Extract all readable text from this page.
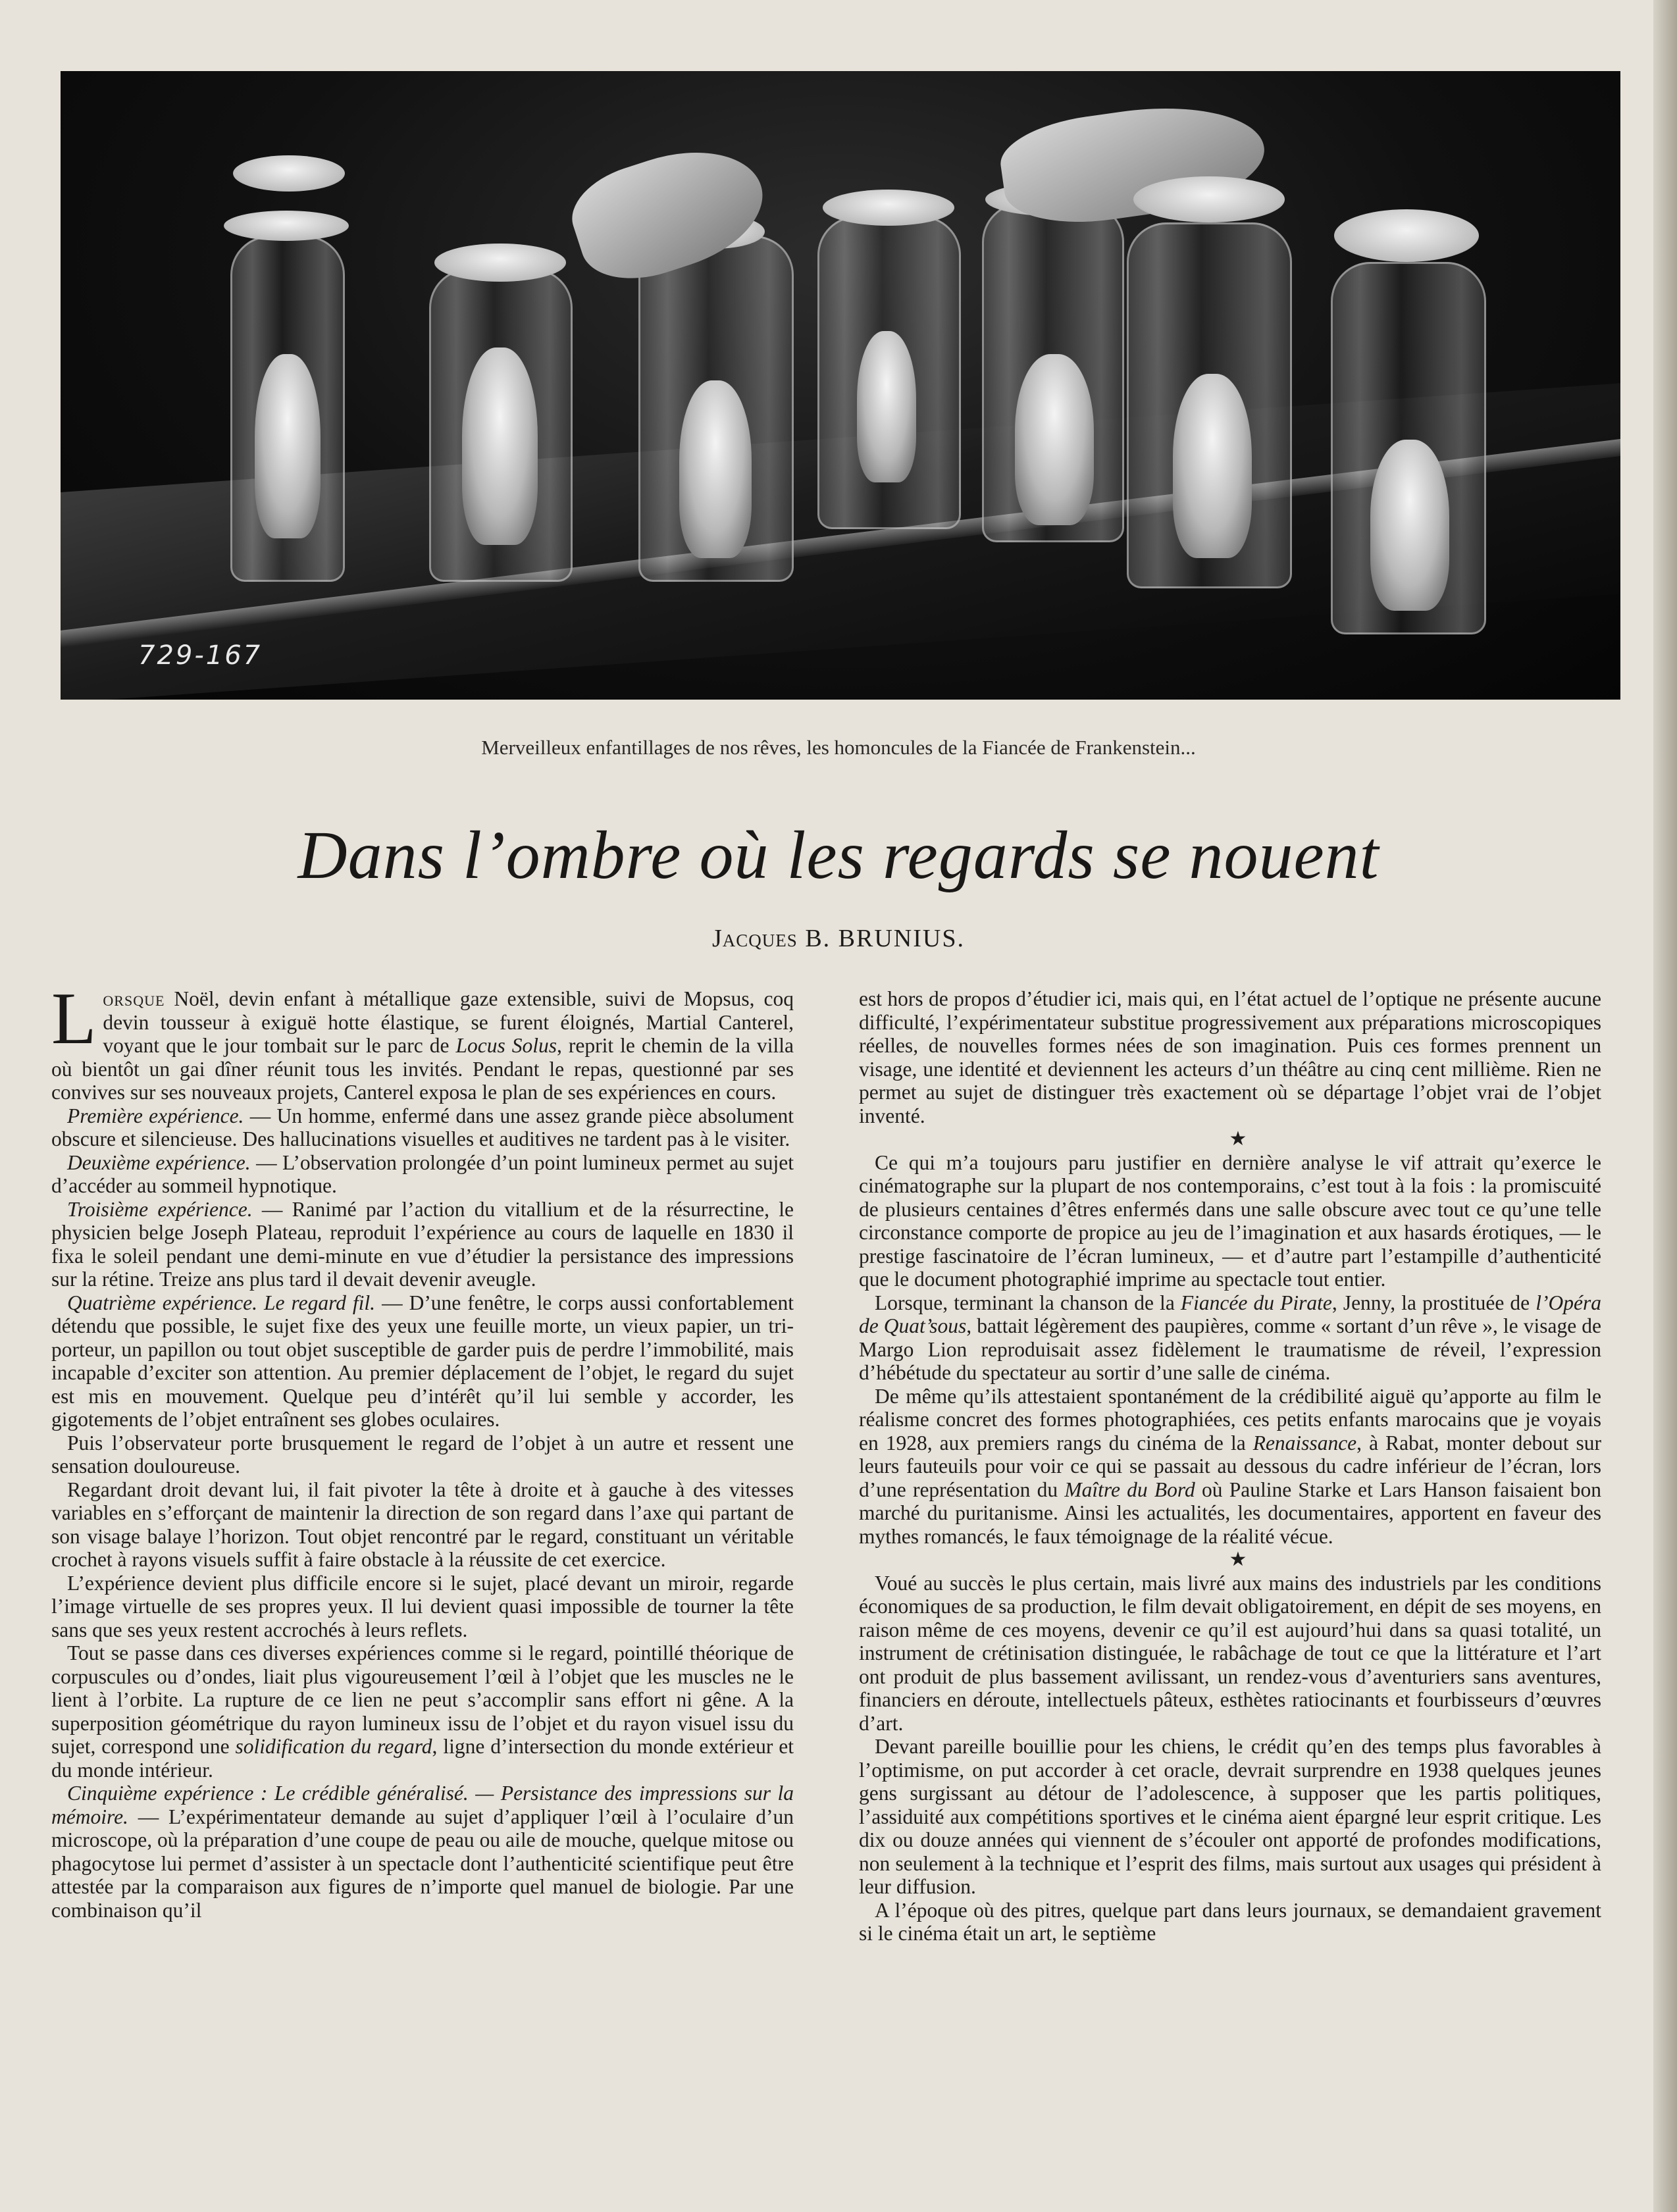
729-167

Merveilleux enfantillages de nos rêves, les homoncules de la Fiancée de Frankenstein...

Dans l’ombre où les regards se nouent

Jacques B. BRUNIUS.

Lorsque Noël, devin enfant à métallique gaze extensible, suivi de Mopsus, coq devin tousseur à exiguë hotte élastique, se furent éloignés, Martial Canterel, voyant que le jour tombait sur le parc de Locus Solus, reprit le chemin de la villa où bientôt un gai dîner réunit tous les invités. Pendant le repas, questionné par ses convives sur ses nouveaux projets, Canterel exposa le plan de ses expériences en cours.

Première expérience. — Un homme, enfermé dans une assez grande pièce absolument obscure et silencieuse. Des hallucinations visuelles et auditives ne tardent pas à le visiter.

Deuxième expérience. — L’observation prolongée d’un point lumineux permet au sujet d’accéder au sommeil hypnotique.

Troisième expérience. — Ranimé par l’action du vitallium et de la résurrectine, le physicien belge Joseph Plateau, reproduit l’expérience au cours de laquelle en 1830 il fixa le soleil pendant une demi-minute en vue d’étudier la persistance des impressions sur la rétine. Treize ans plus tard il devait devenir aveugle.

Quatrième expérience. Le regard fil. — D’une fenêtre, le corps aussi confortablement détendu que possible, le sujet fixe des yeux une feuille morte, un vieux papier, un tri-porteur, un papillon ou tout objet susceptible de garder puis de perdre l’immobilité, mais incapable d’exciter son attention. Au premier déplacement de l’objet, le regard du sujet est mis en mouvement. Quelque peu d’intérêt qu’il lui semble y accorder, les gigotements de l’objet entraînent ses globes oculaires.

Puis l’observateur porte brusquement le regard de l’objet à un autre et ressent une sensation douloureuse.

Regardant droit devant lui, il fait pivoter la tête à droite et à gauche à des vitesses variables en s’efforçant de maintenir la direction de son regard dans l’axe qui partant de son visage balaye l’horizon. Tout objet rencontré par le regard, constituant un véritable crochet à rayons visuels suffit à faire obstacle à la réussite de cet exercice.

L’expérience devient plus difficile encore si le sujet, placé devant un miroir, regarde l’image virtuelle de ses propres yeux. Il lui devient quasi impossible de tourner la tête sans que ses yeux restent accrochés à leurs reflets.

Tout se passe dans ces diverses expériences comme si le regard, pointillé théorique de corpuscules ou d’ondes, liait plus vigoureusement l’œil à l’objet que les muscles ne le lient à l’orbite. La rupture de ce lien ne peut s’accomplir sans effort ni gêne. A la superposition géométrique du rayon lumineux issu de l’objet et du rayon visuel issu du sujet, correspond une solidification du regard, ligne d’intersection du monde extérieur et du monde intérieur.

Cinquième expérience : Le crédible généralisé. — Persistance des impressions sur la mémoire. — L’expérimentateur demande au sujet d’appliquer l’œil à l’oculaire d’un microscope, où la préparation d’une coupe de peau ou aile de mouche, quelque mitose ou phagocytose lui permet d’assister à un spectacle dont l’authenticité scientifique peut être attestée par la comparaison aux figures de n’importe quel manuel de biologie. Par une combinaison qu’il

est hors de propos d’étudier ici, mais qui, en l’état actuel de l’optique ne présente aucune difficulté, l’expérimentateur substitue progressivement aux préparations microscopiques réelles, de nouvelles formes nées de son imagination. Puis ces formes prennent un visage, une identité et deviennent les acteurs d’un théâtre au cinq cent millième. Rien ne permet au sujet de distinguer très exactement où se départage l’objet vrai de l’objet inventé.

★

Ce qui m’a toujours paru justifier en dernière analyse le vif attrait qu’exerce le cinématographe sur la plupart de nos contemporains, c’est tout à la fois : la promiscuité de plusieurs centaines d’êtres enfermés dans une salle obscure avec tout ce qu’une telle circonstance comporte de propice au jeu de l’imagination et aux hasards érotiques, — le prestige fascinatoire de l’écran lumineux, — et d’autre part l’estampille d’authenticité que le document photographié imprime au spectacle tout entier.

Lorsque, terminant la chanson de la Fiancée du Pirate, Jenny, la prostituée de l’Opéra de Quat’sous, battait légèrement des paupières, comme « sortant d’un rêve », le visage de Margo Lion reproduisait assez fidèlement le traumatisme de réveil, l’expression d’hébétude du spectateur au sortir d’une salle de cinéma.

De même qu’ils attestaient spontanément de la crédibilité aiguë qu’apporte au film le réalisme concret des formes photographiées, ces petits enfants marocains que je voyais en 1928, aux premiers rangs du cinéma de la Renaissance, à Rabat, monter debout sur leurs fauteuils pour voir ce qui se passait au dessous du cadre inférieur de l’écran, lors d’une représentation du Maître du Bord où Pauline Starke et Lars Hanson faisaient bon marché du puritanisme. Ainsi les actualités, les documentaires, apportent en faveur des mythes romancés, le faux témoignage de la réalité vécue.

★

Voué au succès le plus certain, mais livré aux mains des industriels par les conditions économiques de sa production, le film devait obligatoirement, en dépit de ses moyens, en raison même de ces moyens, devenir ce qu’il est aujourd’hui dans sa quasi totalité, un instrument de crétinisation distinguée, le rabâchage de tout ce que la littérature et l’art ont produit de plus bassement avilissant, un rendez-vous d’aventuriers sans aventures, financiers en déroute, intellectuels pâteux, esthètes ratiocinants et fourbisseurs d’œuvres d’art.

Devant pareille bouillie pour les chiens, le crédit qu’en des temps plus favorables à l’optimisme, on put accorder à cet oracle, devrait surprendre en 1938 quelques jeunes gens surgissant au détour de l’adolescence, à supposer que les partis politiques, l’assiduité aux compétitions sportives et le cinéma aient épargné leur esprit critique. Les dix ou douze années qui viennent de s’écouler ont apporté de profondes modifications, non seulement à la technique et l’esprit des films, mais surtout aux usages qui président à leur diffusion.

A l’époque où des pitres, quelque part dans leurs journaux, se demandaient gravement si le cinéma était un art, le septième
